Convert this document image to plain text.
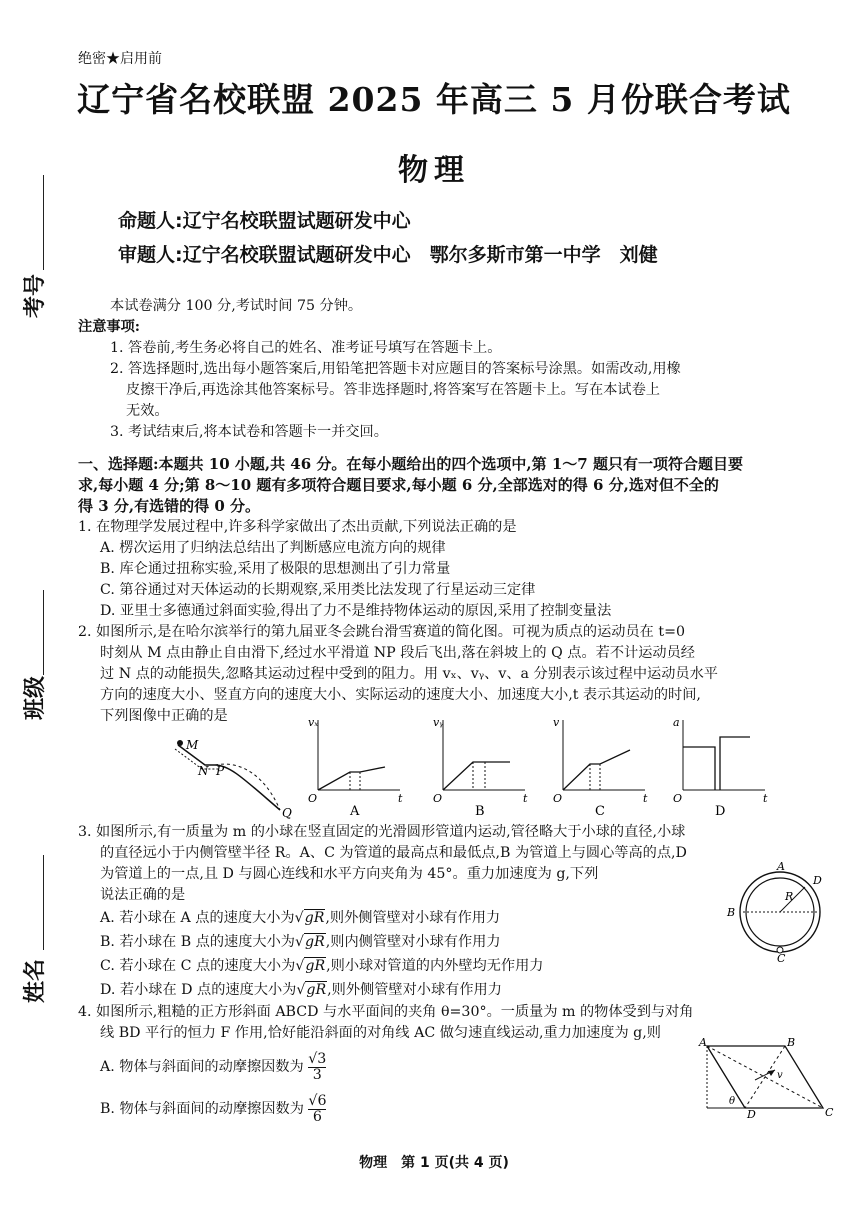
绝密★启用前
辽宁省名校联盟 2025 年高三 5 月份联合考试
物理
命题人:辽宁名校联盟试题研发中心
审题人:辽宁名校联盟试题研发中心　鄂尔多斯市第一中学　刘健
考号
班级
姓名
本试卷满分 100 分,考试时间 75 分钟。
注意事项:
1. 答卷前,考生务必将自己的姓名、准考证号填写在答题卡上。
2. 答选择题时,选出每小题答案后,用铅笔把答题卡对应题目的答案标号涂黑。如需改动,用橡
皮擦干净后,再选涂其他答案标号。答非选择题时,将答案写在答题卡上。写在本试卷上
无效。
3. 考试结束后,将本试卷和答题卡一并交回。
一、选择题:本题共 10 小题,共 46 分。在每小题给出的四个选项中,第 1～7 题只有一项符合题目要
求,每小题 4 分;第 8～10 题有多项符合题目要求,每小题 6 分,全部选对的得 6 分,选对但不全的
得 3 分,有选错的得 0 分。
1. 在物理学发展过程中,许多科学家做出了杰出贡献,下列说法正确的是
A. 楞次运用了归纳法总结出了判断感应电流方向的规律
B. 库仑通过扭称实验,采用了极限的思想测出了引力常量
C. 第谷通过对天体运动的长期观察,采用类比法发现了行星运动三定律
D. 亚里士多德通过斜面实验,得出了力不是维持物体运动的原因,采用了控制变量法
2. 如图所示,是在哈尔滨举行的第九届亚冬会跳台滑雪赛道的简化图。可视为质点的运动员在 t=0
时刻从 M 点由静止自由滑下,经过水平滑道 NP 段后飞出,落在斜坡上的 Q 点。若不计运动员经
过 N 点的动能损失,忽略其运动过程中受到的阻力。用 vₓ、vᵧ、v、a 分别表示该过程中运动员水平
方向的速度大小、竖直方向的速度大小、实际运动的速度大小、加速度大小,t 表示其运动的时间,
下列图像中正确的是
M
N P
Q
vₓ
O	t
A
vᵧ
O	t
B
v
O	t
C
a
O	t
D
3. 如图所示,有一质量为 m 的小球在竖直固定的光滑圆形管道内运动,管径略大于小球的直径,小球
的直径远小于内侧管壁半径 R。A、C 为管道的最高点和最低点,B 为管道上与圆心等高的点,D
为管道上的一点,且 D 与圆心连线和水平方向夹角为 45°。重力加速度为 g,下列
说法正确的是
A. 若小球在 A 点的速度大小为√gR,则外侧管壁对小球有作用力
B. 若小球在 B 点的速度大小为√gR,则内侧管壁对小球有作用力
C. 若小球在 C 点的速度大小为√gR,则小球对管道的内外壁均无作用力
D. 若小球在 D 点的速度大小为√gR,则外侧管壁对小球有作用力
A
B
C
D
R
4. 如图所示,粗糙的正方形斜面 ABCD 与水平面间的夹角 θ=30°。一质量为 m 的物体受到与对角
线 BD 平行的恒力 F 作用,恰好能沿斜面的对角线 AC 做匀速直线运动,重力加速度为 g,则
A. 物体与斜面间的动摩擦因数为 $\frac{√3}{3}$
B. 物体与斜面间的动摩擦因数为 $\frac{√6}{6}$
A	B
C
D
θ
v
物理　第 1 页(共 4 页)
